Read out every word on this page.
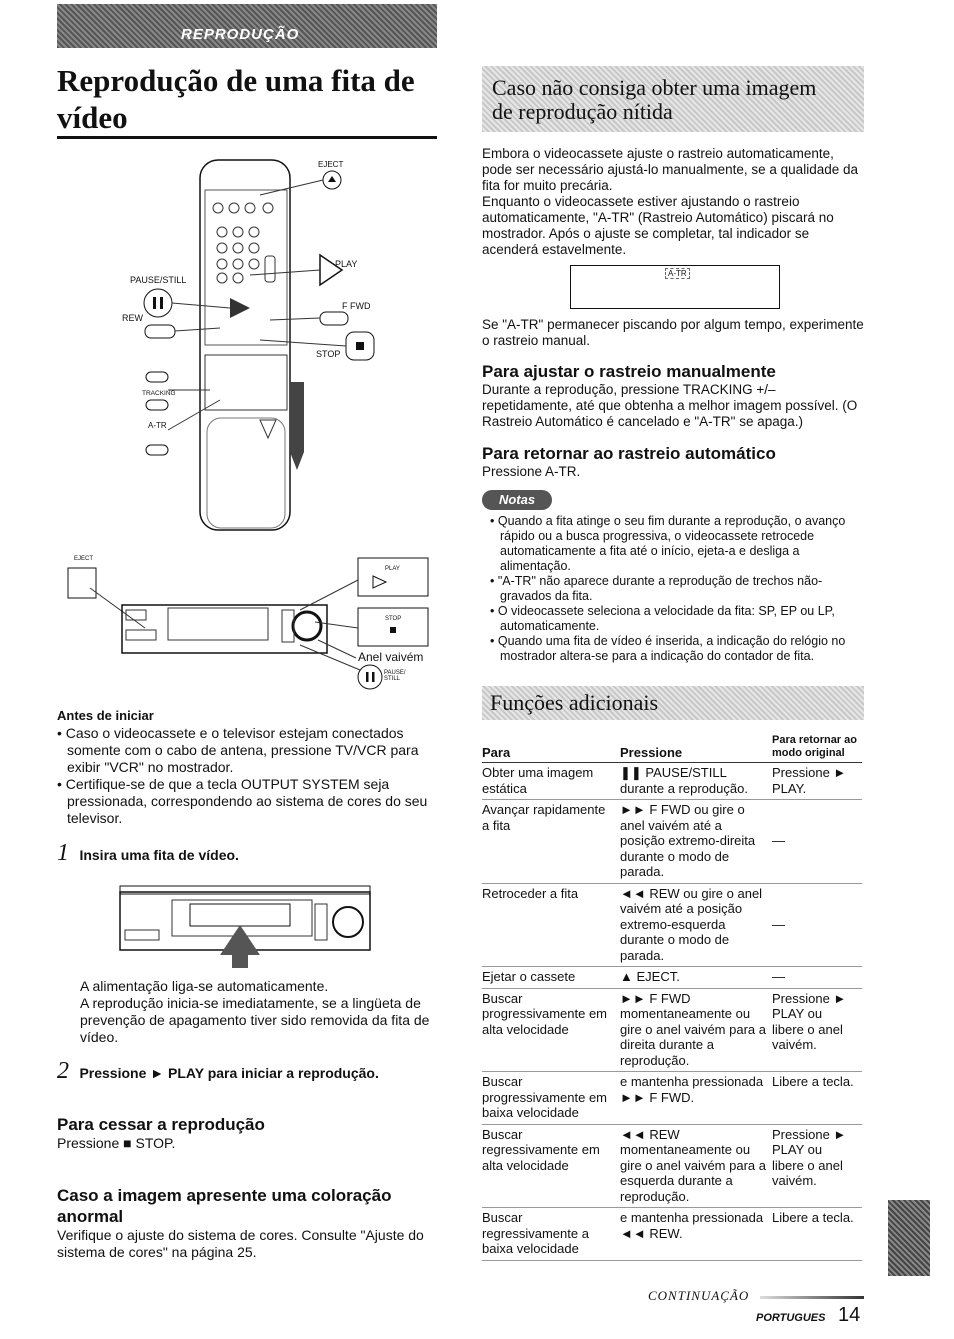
REPRODUÇÃO
Reprodução de uma fita de vídeo
EJECT
PLAY
PAUSE/STILL
F FWD
REW
STOP
TRACKING
A-TR
EJECT
PLAY
STOP
Anel vaivém
PAUSE/ STILL
Antes de iniciar
• Caso o videocassete e o televisor estejam conectados somente com o cabo de antena, pressione TV/VCR para exibir "VCR" no mostrador.
• Certifique-se de que a tecla OUTPUT SYSTEM seja pressionada, correspondendo ao sistema de cores do seu televisor.
1 Insira uma fita de vídeo.

A alimentação liga-se automaticamente.

A reprodução inicia-se imediatamente, se a lingüeta de prevenção de apagamento tiver sido removida da fita de vídeo.

2 Pressione ► PLAY para iniciar a reprodução.
Para cessar a reprodução

Pressione ■ STOP.

Caso a imagem apresente uma coloração anormal

Verifique o ajuste do sistema de cores. Consulte "Ajuste do sistema de cores" na página 25.

Caso não consiga obter uma imagem de reprodução nítida

Embora o videocassete ajuste o rastreio automaticamente, pode ser necessário ajustá-lo manualmente, se a qualidade da fita for muito precária.

Enquanto o videocassete estiver ajustando o rastreio automaticamente, "A-TR" (Rastreio Automático) piscará no mostrador. Após o ajuste se completar, tal indicador se acenderá estavelmente.

A-TR

Se "A-TR" permanecer piscando por algum tempo, experimente o rastreio manual.

Para ajustar o rastreio manualmente

Durante a reprodução, pressione TRACKING +/– repetidamente, até que obtenha a melhor imagem possível. (O Rastreio Automático é cancelado e "A-TR" se apaga.)

Para retornar ao rastreio automático

Pressione A-TR.

Notas
• Quando a fita atinge o seu fim durante a reprodução, o avanço rápido ou a busca progressiva, o videocassete retrocede automaticamente a fita até o início, ejeta-a e desliga a alimentação.
• "A-TR" não aparece durante a reprodução de trechos não-gravados da fita.
• O videocassete seleciona a velocidade da fita: SP, EP ou LP, automaticamente.
• Quando uma fita de vídeo é inserida, a indicação do relógio no mostrador altera-se para a indicação do contador de fita.
Funções adicionais
Para	Pressione	Para retornar ao modo original
Obter uma imagem estática	❚❚ PAUSE/STILL durante a reprodução.	Pressione ► PLAY.
Avançar rapidamente a fita	►► F FWD ou gire o anel vaivém até a posição extremo-direita durante o modo de parada.	—
Retroceder a fita	◄◄ REW ou gire o anel vaivém até a posição extremo-esquerda durante o modo de parada.	—
Ejetar o cassete	▲ EJECT.	—
Buscar progressivamente em alta velocidade	►► F FWD momentaneamente ou gire o anel vaivém para a direita durante a reprodução.	Pressione ► PLAY ou libere o anel vaivém.
Buscar progressivamente em baixa velocidade	e mantenha pressionada ►► F FWD.	Libere a tecla.
Buscar regressivamente em alta velocidade	◄◄ REW momentaneamente ou gire o anel vaivém para a esquerda durante a reprodução.	Pressione ► PLAY ou libere o anel vaivém.
Buscar regressivamente a baixa velocidade	e mantenha pressionada ◄◄ REW.	Libere a tecla.
CONTINUAÇÃO
PORTUGUES 14
